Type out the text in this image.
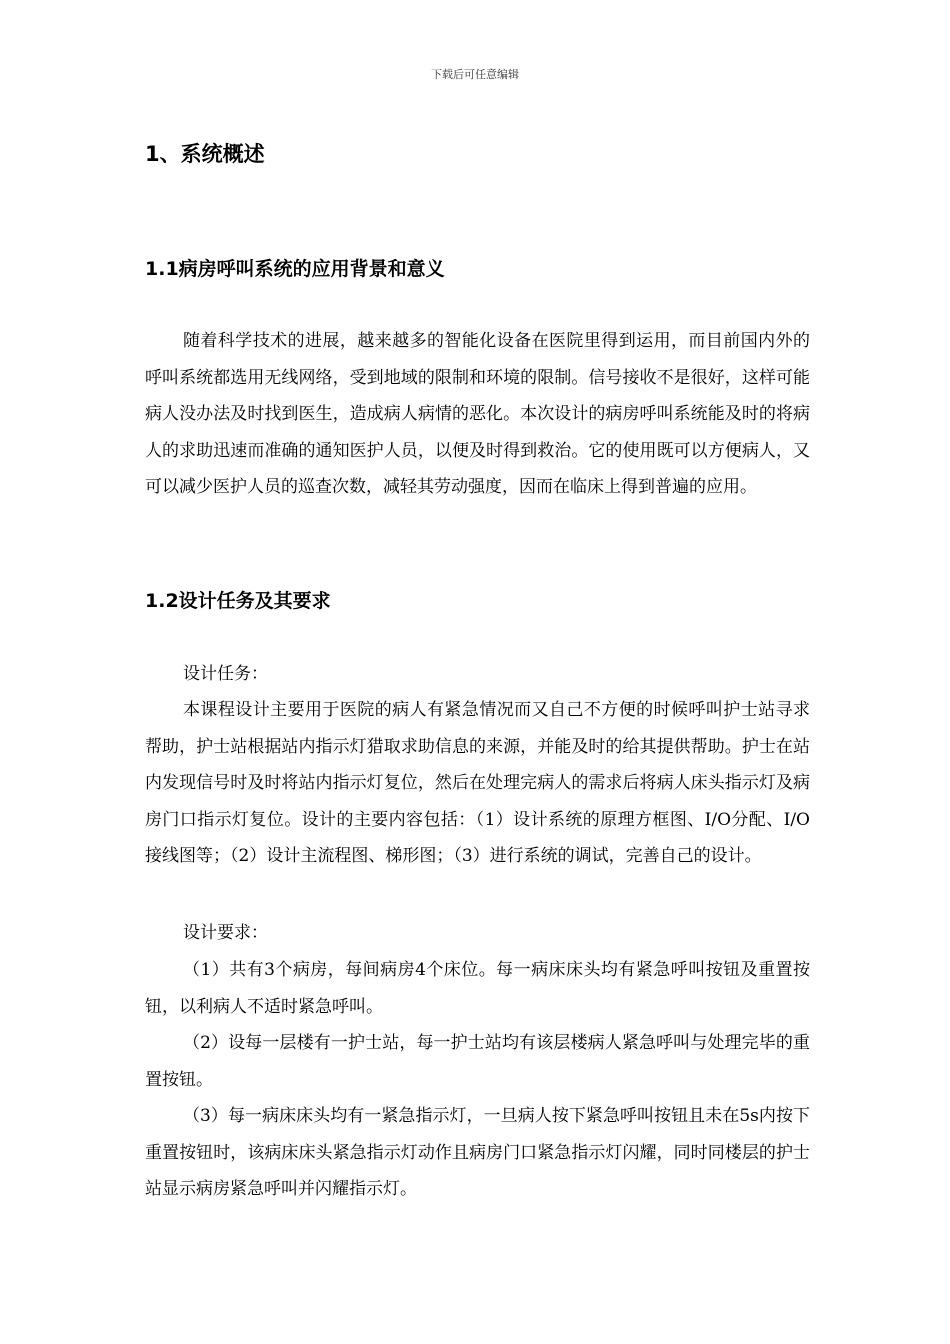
下载后可任意编辑
1、系统概述
1.1病房呼叫系统的应用背景和意义

随着科学技术的进展，越来越多的智能化设备在医院里得到运用，而目前国内外的呼叫系统都选用无线网络，受到地域的限制和环境的限制。信号接收不是很好，这样可能病人没办法及时找到医生，造成病人病情的恶化。本次设计的病房呼叫系统能及时的将病人的求助迅速而准确的通知医护人员，以便及时得到救治。它的使用既可以方便病人，又可以减少医护人员的巡查次数，减轻其劳动强度，因而在临床上得到普遍的应用。

1.2设计任务及其要求

设计任务：

本课程设计主要用于医院的病人有紧急情况而又自己不方便的时候呼叫护士站寻求帮助，护士站根据站内指示灯猎取求助信息的来源，并能及时的给其提供帮助。护士在站内发现信号时及时将站内指示灯复位，然后在处理完病人的需求后将病人床头指示灯及病房门口指示灯复位。设计的主要内容包括：（1）设计系统的原理方框图、I/O分配、I/O接线图等；（2）设计主流程图、梯形图；（3）进行系统的调试，完善自己的设计。

设计要求：

（1）共有3个病房，每间病房4个床位。每一病床床头均有紧急呼叫按钮及重置按钮，以利病人不适时紧急呼叫。

（2）设每一层楼有一护士站，每一护士站均有该层楼病人紧急呼叫与处理完毕的重置按钮。

（3）每一病床床头均有一紧急指示灯，一旦病人按下紧急呼叫按钮且未在5s内按下重置按钮时，该病床床头紧急指示灯动作且病房门口紧急指示灯闪耀，同时同楼层的护士站显示病房紧急呼叫并闪耀指示灯。
